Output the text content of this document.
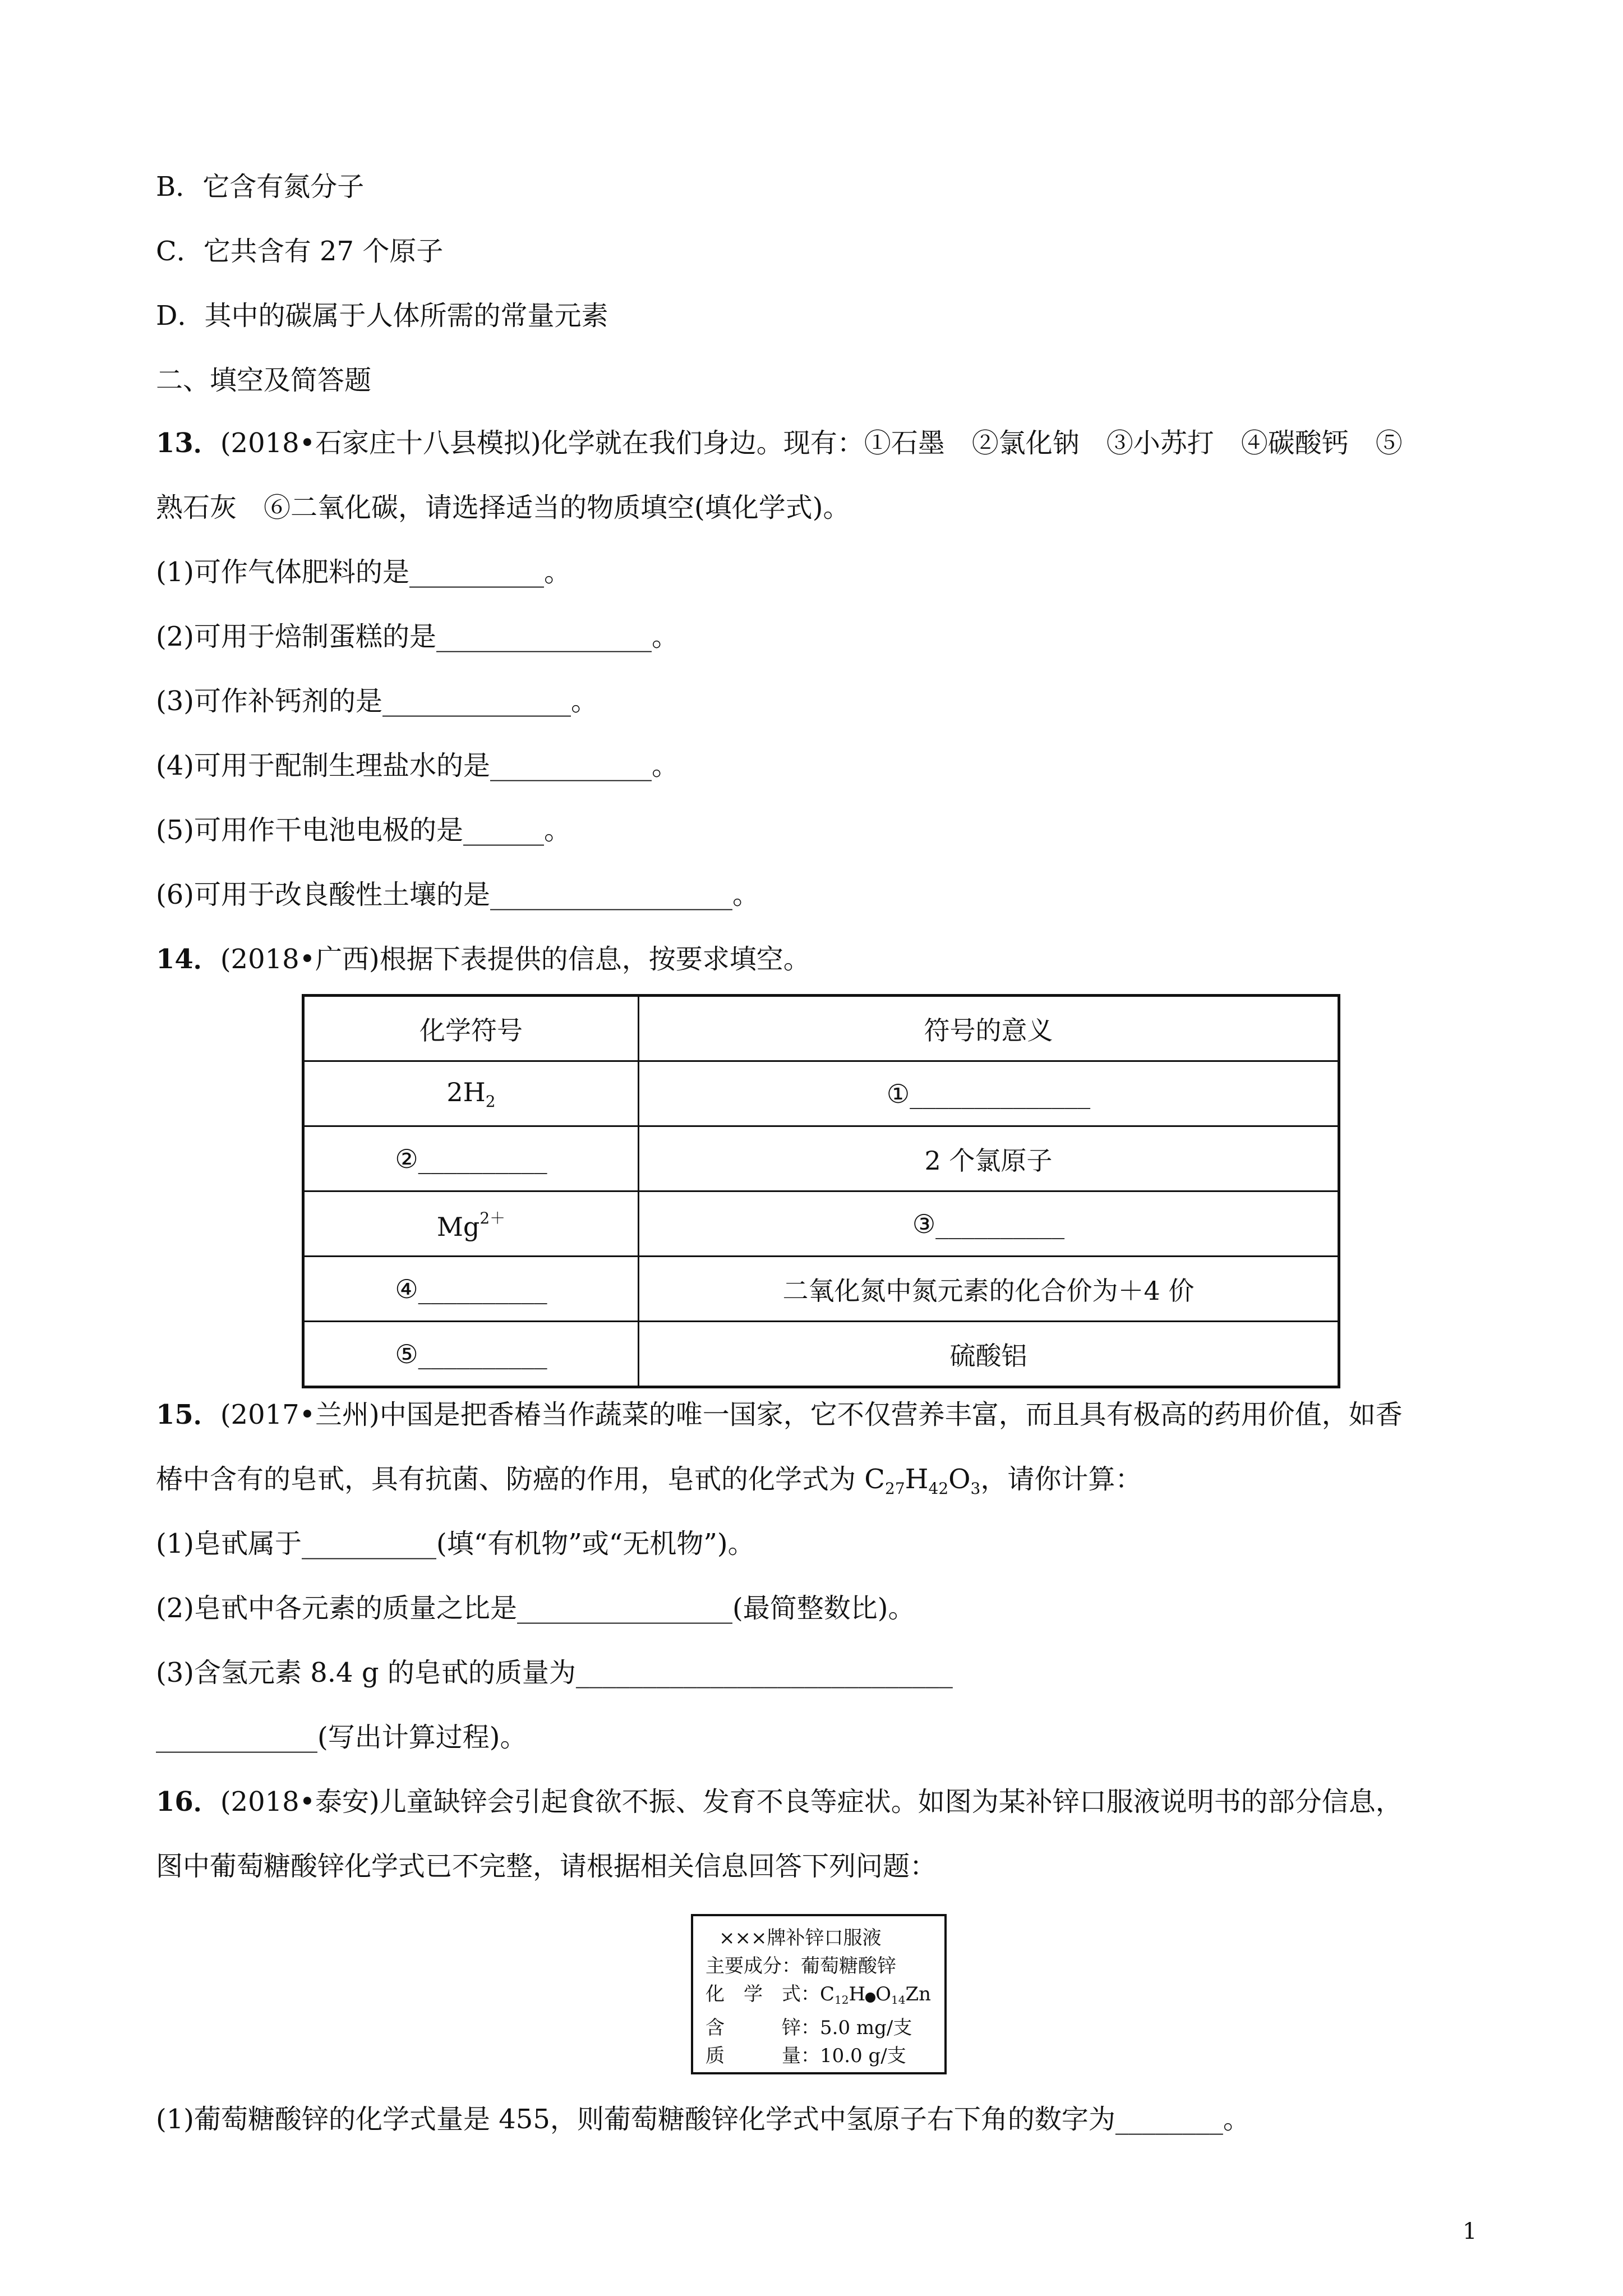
B．它含有氮分子
C．它共含有 27 个原子
D．其中的碳属于人体所需的常量元素
二、填空及简答题
13．(2018•石家庄十八县模拟)化学就在我们身边。现有：①石墨　②氯化钠　③小苏打　④碳酸钙　⑤
熟石灰　⑥二氧化碳，请选择适当的物质填空(填化学式)。
(1)可作气体肥料的是__________。
(2)可用于焙制蛋糕的是________________。
(3)可作补钙剂的是______________。
(4)可用于配制生理盐水的是____________。
(5)可用作干电池电极的是______。
(6)可用于改良酸性土壤的是__________________。
14．(2018•广西)根据下表提供的信息，按要求填空。
化学符号	符号的意义
$2H_2$	①______________
②__________	2 个氯原子
$Mg^{2+}$	③__________
④__________	二氧化氮中氮元素的化合价为＋4 价
⑤__________	硫酸铝
15．(2017•兰州)中国是把香椿当作蔬菜的唯一国家，它不仅营养丰富，而且具有极高的药用价值，如香
椿中含有的皂甙，具有抗菌、防癌的作用，皂甙的化学式为 $C_{27}H_{42}O_3$，请你计算：
(1)皂甙属于__________(填“有机物”或“无机物”)。
(2)皂甙中各元素的质量之比是________________(最简整数比)。
(3)含氢元素 8.4 g 的皂甙的质量为____________________________
____________(写出计算过程)。
16．(2018•泰安)儿童缺锌会引起食欲不振、发育不良等症状。如图为某补锌口服液说明书的部分信息，
图中葡萄糖酸锌化学式已不完整，请根据相关信息回答下列问题：
×××牌补锌口服液
主要成分：葡萄糖酸锌
化　学　式：$C_{12}H$ $O_{14}Zn$
含　　　锌：5.0 mg/支
质　　　量：10.0 g/支
(1)葡萄糖酸锌的化学式量是 455，则葡萄糖酸锌化学式中氢原子右下角的数字为________。
1
